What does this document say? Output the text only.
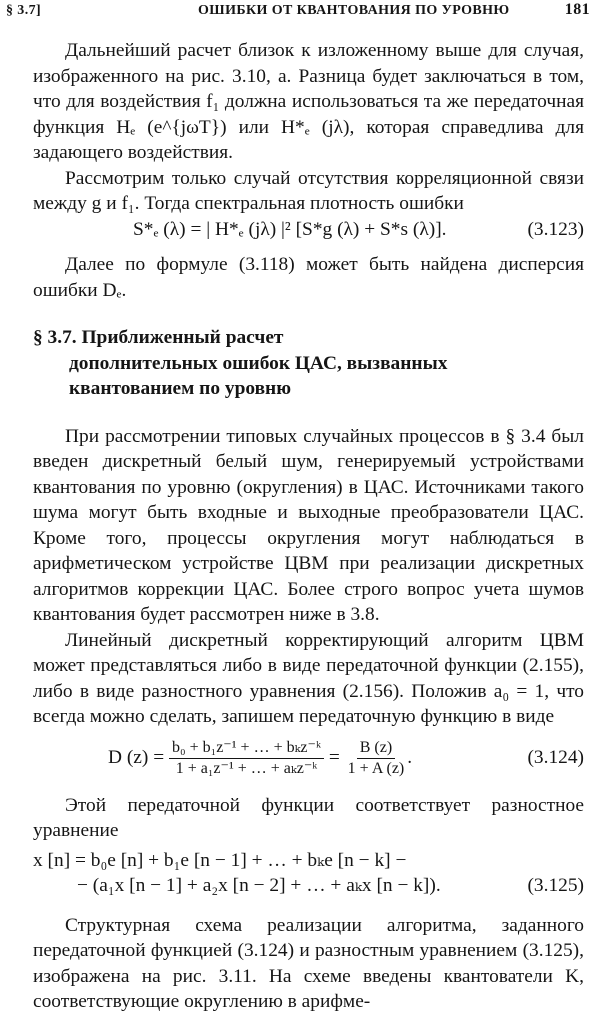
§ 3.7]	ОШИБКИ ОТ КВАНТОВАНИЯ ПО УРОВНЮ	181

Дальнейший расчет близок к изложенному выше для случая, изображенного на рис. 3.10, а. Разница будет заключаться в том, что для воздействия f₁ должна использоваться та же передаточная функция Hₑ (e^{jωT}) или H*ₑ (jλ), которая справедлива для задающего воздействия.

Рассмотрим только случай отсутствия корреляционной связи между g и f₁. Тогда спектральная плотность ошибки

S*ₑ (λ) = | H*ₑ (jλ) |² [S*g (λ) + S*s (λ)].	(3.123)

Далее по формуле (3.118) может быть найдена дисперсия ошибки Dₑ.

§ 3.7. Приближенный расчет
дополнительных ошибок ЦАС, вызванных
квантованием по уровню

При рассмотрении типовых случайных процессов в § 3.4 был введен дискретный белый шум, генерируемый устройствами квантования по уровню (округления) в ЦАС. Источниками такого шума могут быть входные и выходные преобразователи ЦАС. Кроме того, процессы округления могут наблюдаться в арифметическом устройстве ЦВМ при реализации дискретных алгоритмов коррекции ЦАС. Более строго вопрос учета шумов квантования будет рассмотрен ниже в 3.8.

Линейный дискретный корректирующий алгоритм ЦВМ может представляться либо в виде передаточной функции (2.155), либо в виде разностного уравнения (2.156). Положив a₀ = 1, что всегда можно сделать, запишем передаточную функцию в виде

D $(z) = \frac{\text{b₀ + b₁z⁻¹ + … + bₖz⁻ᵏ}}{\text{1 + a₁z⁻¹ + … + aₖz⁻ᵏ}} = \frac{B (z)}{1 + A (z)}$ .	(3.124)

Этой передаточной функции соответствует разностное уравнение

x [n] = b₀e [n] + b₁e [n − 1] + … + bₖe [n − k] −
− (a₁x [n − 1] + a₂x [n − 2] + … + aₖx [n − k]).	(3.125)

Структурная схема реализации алгоритма, заданного передаточной функцией (3.124) и разностным уравнением (3.125), изображена на рис. 3.11. На схеме введены квантователи K, соответствующие округлению в арифме-
